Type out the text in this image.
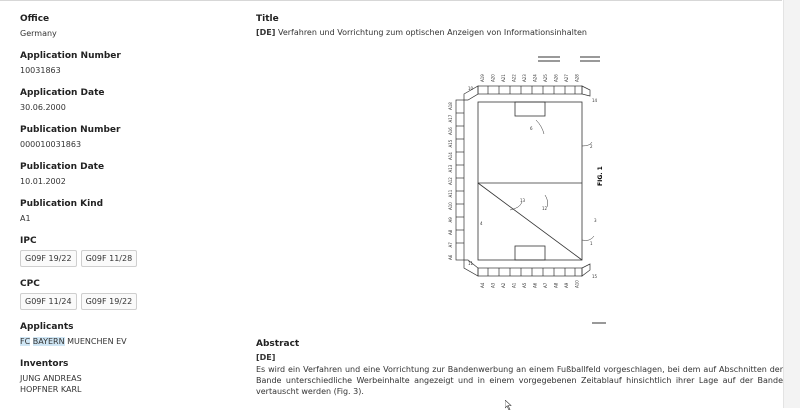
Office
Germany
Application Number
10031863
Application Date
30.06.2000
Publication Number
000010031863
Publication Date
10.01.2002
Publication Kind
A1
IPC
G09F 19/22	G09F 11/28
CPC
G09F 11/24	G09F 19/22
Applicants
FC BAYERN MUENCHEN EV
Inventors
JUNG ANDREAS
HOPFNER KARL
Title
[DE] Verfahren und Vorrichtung zum optischen Anzeigen von Informationsinhalten
A19 A20 A21 A22 A23 A24 A25 A26 A27 A28
A18
A17
A16
A15
A14
A13
A12
A11
A10
A9
A8
A7
A6
A4 A3 A2 A1 A5 A6 A7 A8 A9 A10
14
2
3
1
15
12
13
6
11
10
4
FIG. 1
Abstract
[DE]
Es wird ein Verfahren und eine Vorrichtung zur Bandenwerbung an einem Fußballfeld vorgeschlagen, bei dem auf Abschnitten der Bande unterschiedliche Werbeinhalte angezeigt und in einem vorgegebenen Zeitablauf hinsichtlich ihrer Lage auf der Bande vertauscht werden (Fig. 3).
